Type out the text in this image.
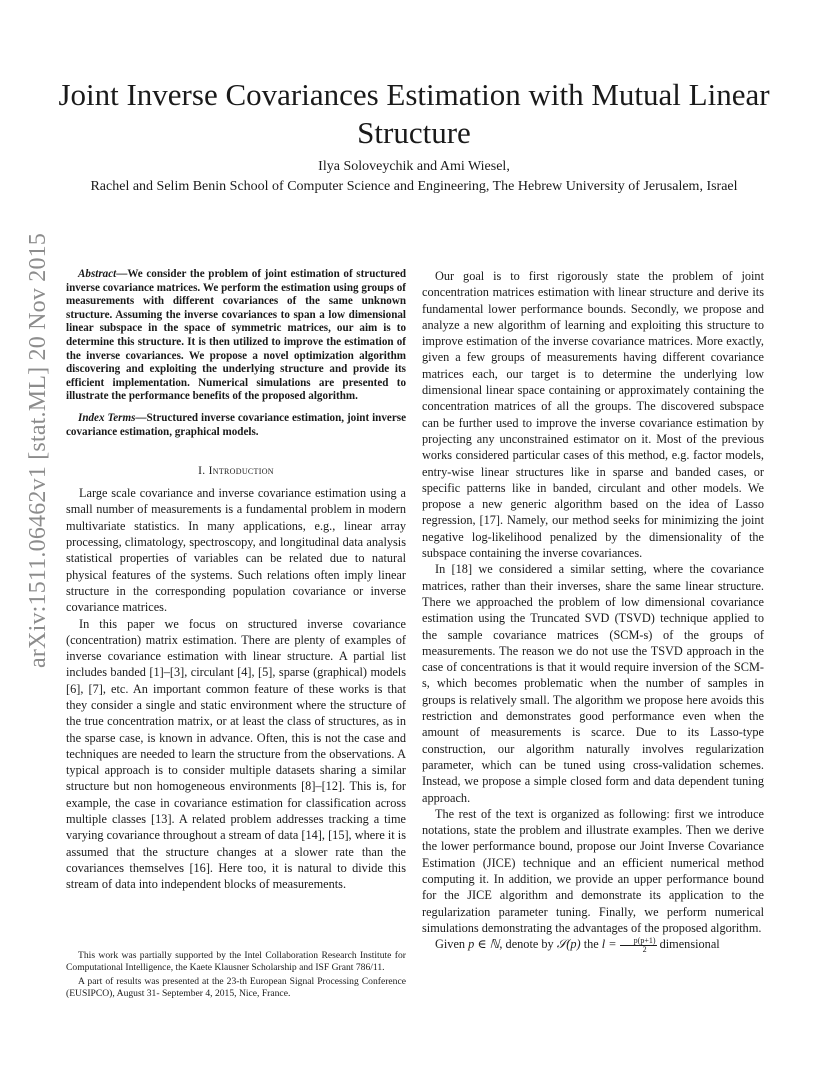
Joint Inverse Covariances Estimation with Mutual Linear Structure

Ilya Soloveychik and Ami Wiesel,

Rachel and Selim Benin School of Computer Science and Engineering, The Hebrew University of Jerusalem, Israel

arXiv:1511.06462v1 [stat.ML] 20 Nov 2015	Abstract—We consider the problem of joint estimation of structured inverse covariance matrices. We perform the estimation using groups of measurements with different covariances of the same unknown structure. Assuming the inverse covariances to span a low dimensional linear subspace in the space of symmetric matrices, our aim is to determine this structure. It is then utilized to improve the estimation of the inverse covariances. We propose a novel optimization algorithm discovering and exploiting the underlying structure and provide its efficient implementation. Numerical simulations are presented to illustrate the performance benefits of the proposed algorithm.

Index Terms—Structured inverse covariance estimation, joint inverse covariance estimation, graphical models.

I. Introduction

Large scale covariance and inverse covariance estimation using a small number of measurements is a fundamental problem in modern multivariate statistics. In many applications, e.g., linear array processing, climatology, spectroscopy, and longitudinal data analysis statistical properties of variables can be related due to natural physical features of the systems. Such relations often imply linear structure in the corresponding population covariance or inverse covariance matrices.

In this paper we focus on structured inverse covariance (concentration) matrix estimation. There are plenty of examples of inverse covariance estimation with linear structure. A partial list includes banded [1]–[3], circulant [4], [5], sparse (graphical) models [6], [7], etc. An important common feature of these works is that they consider a single and static environment where the structure of the true concentration matrix, or at least the class of structures, as in the sparse case, is known in advance. Often, this is not the case and techniques are needed to learn the structure from the observations. A typical approach is to consider multiple datasets sharing a similar structure but non homogeneous environments [8]–[12]. This is, for example, the case in covariance estimation for classification across multiple classes [13]. A related problem addresses tracking a time varying covariance throughout a stream of data [14], [15], where it is assumed that the structure changes at a slower rate than the covariances themselves [16]. Here too, it is natural to divide this stream of data into independent blocks of measurements.

This work was partially supported by the Intel Collaboration Research Institute for Computational Intelligence, the Kaete Klausner Scholarship and ISF Grant 786/11.

A part of results was presented at the 23-th European Signal Processing Conference (EUSIPCO), August 31- September 4, 2015, Nice, France.

Our goal is to first rigorously state the problem of joint concentration matrices estimation with linear structure and derive its fundamental lower performance bounds. Secondly, we propose and analyze a new algorithm of learning and exploiting this structure to improve estimation of the inverse covariance matrices. More exactly, given a few groups of measurements having different covariance matrices each, our target is to determine the underlying low dimensional linear space containing or approximately containing the concentration matrices of all the groups. The discovered subspace can be further used to improve the inverse covariance estimation by projecting any unconstrained estimator on it. Most of the previous works considered particular cases of this method, e.g. factor models, entry-wise linear structures like in sparse and banded cases, or specific patterns like in banded, circulant and other models. We propose a new generic algorithm based on the idea of Lasso regression, [17]. Namely, our method seeks for minimizing the joint negative log-likelihood penalized by the dimensionality of the subspace containing the inverse covariances.

In [18] we considered a similar setting, where the covariance matrices, rather than their inverses, share the same linear structure. There we approached the problem of low dimensional covariance estimation using the Truncated SVD (TSVD) technique applied to the sample covariance matrices (SCM-s) of the groups of measurements. The reason we do not use the TSVD approach in the case of concentrations is that it would require inversion of the SCM-s, which becomes problematic when the number of samples in groups is relatively small. The algorithm we propose here avoids this restriction and demonstrates good performance even when the amount of measurements is scarce. Due to its Lasso-type construction, our algorithm naturally involves regularization parameter, which can be tuned using cross-validation schemes. Instead, we propose a simple closed form and data dependent tuning approach.

The rest of the text is organized as following: first we introduce notations, state the problem and illustrate examples. Then we derive the lower performance bound, propose our Joint Inverse Covariance Estimation (JICE) technique and an efficient numerical method computing it. In addition, we provide an upper performance bound for the JICE algorithm and demonstrate its application to the regularization parameter tuning. Finally, we perform numerical simulations demonstrating the advantages of the proposed algorithm.

Given p ∈ ℕ, denote by 𝒮(p) the $l = \frac{p(p+1)}{2}$ dimensional
